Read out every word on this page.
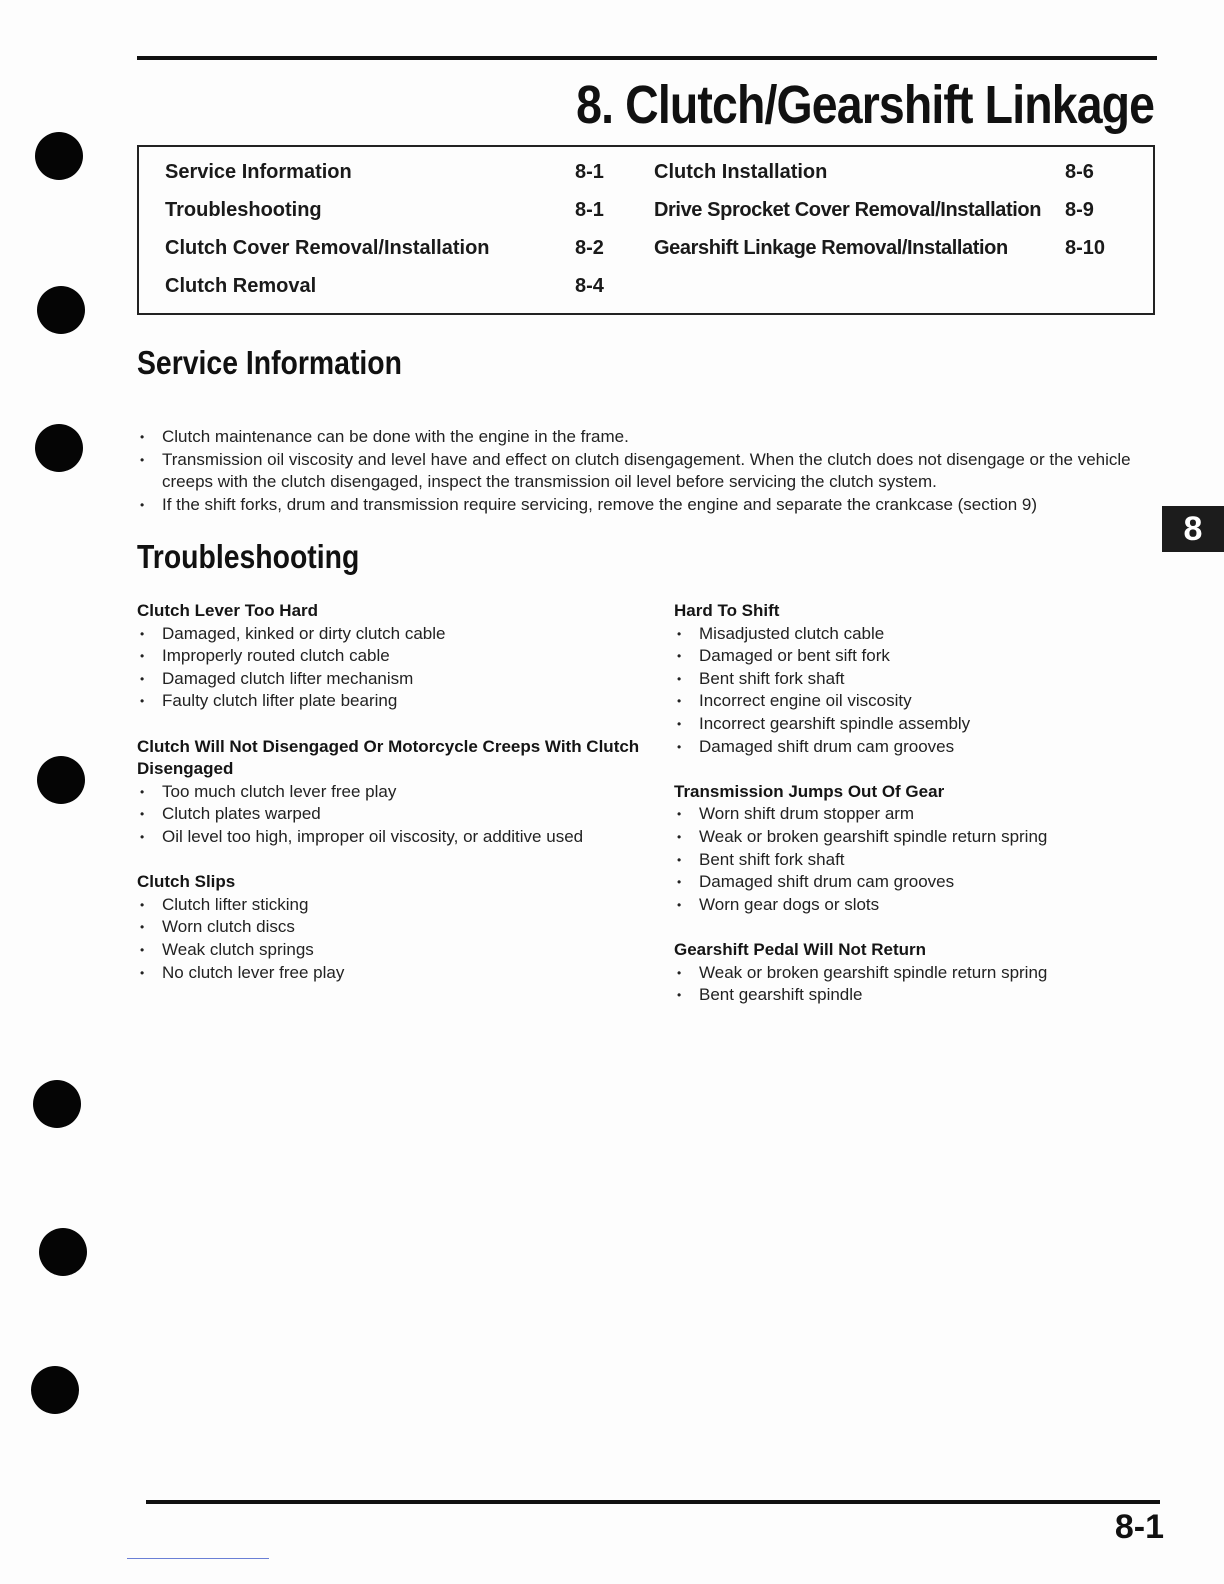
8. Clutch/Gearshift Linkage
Service Information	8-1
Troubleshooting	8-1
Clutch Cover Removal/Installation	8-2
Clutch Removal	8-4
Clutch Installation	8-6
Drive Sprocket Cover Removal/Installation 8-9
Gearshift Linkage Removal/Installation	8-10
Service Information
• Clutch maintenance can be done with the engine in the frame.
• Transmission oil viscosity and level have and effect on clutch disengagement. When the clutch does not disengage or the vehicle creeps with the clutch disengaged, inspect the transmission oil level before servicing the clutch system.
• If the shift forks, drum and transmission require servicing, remove the engine and separate the crankcase (section 9)
8
Troubleshooting
Clutch Lever Too Hard
• Damaged, kinked or dirty clutch cable
• Improperly routed clutch cable
• Damaged clutch lifter mechanism
• Faulty clutch lifter plate bearing
Clutch Will Not Disengaged Or Motorcycle Creeps With Clutch Disengaged
• Too much clutch lever free play
• Clutch plates warped
• Oil level too high, improper oil viscosity, or additive used
Clutch Slips
• Clutch lifter sticking
• Worn clutch discs
• Weak clutch springs
• No clutch lever free play
Hard To Shift
• Misadjusted clutch cable
• Damaged or bent sift fork
• Bent shift fork shaft
• Incorrect engine oil viscosity
• Incorrect gearshift spindle assembly
• Damaged shift drum cam grooves
Transmission Jumps Out Of Gear
• Worn shift drum stopper arm
• Weak or broken gearshift spindle return spring
• Bent shift fork shaft
• Damaged shift drum cam grooves
• Worn gear dogs or slots
Gearshift Pedal Will Not Return
• Weak or broken gearshift spindle return spring
• Bent gearshift spindle
8-1
